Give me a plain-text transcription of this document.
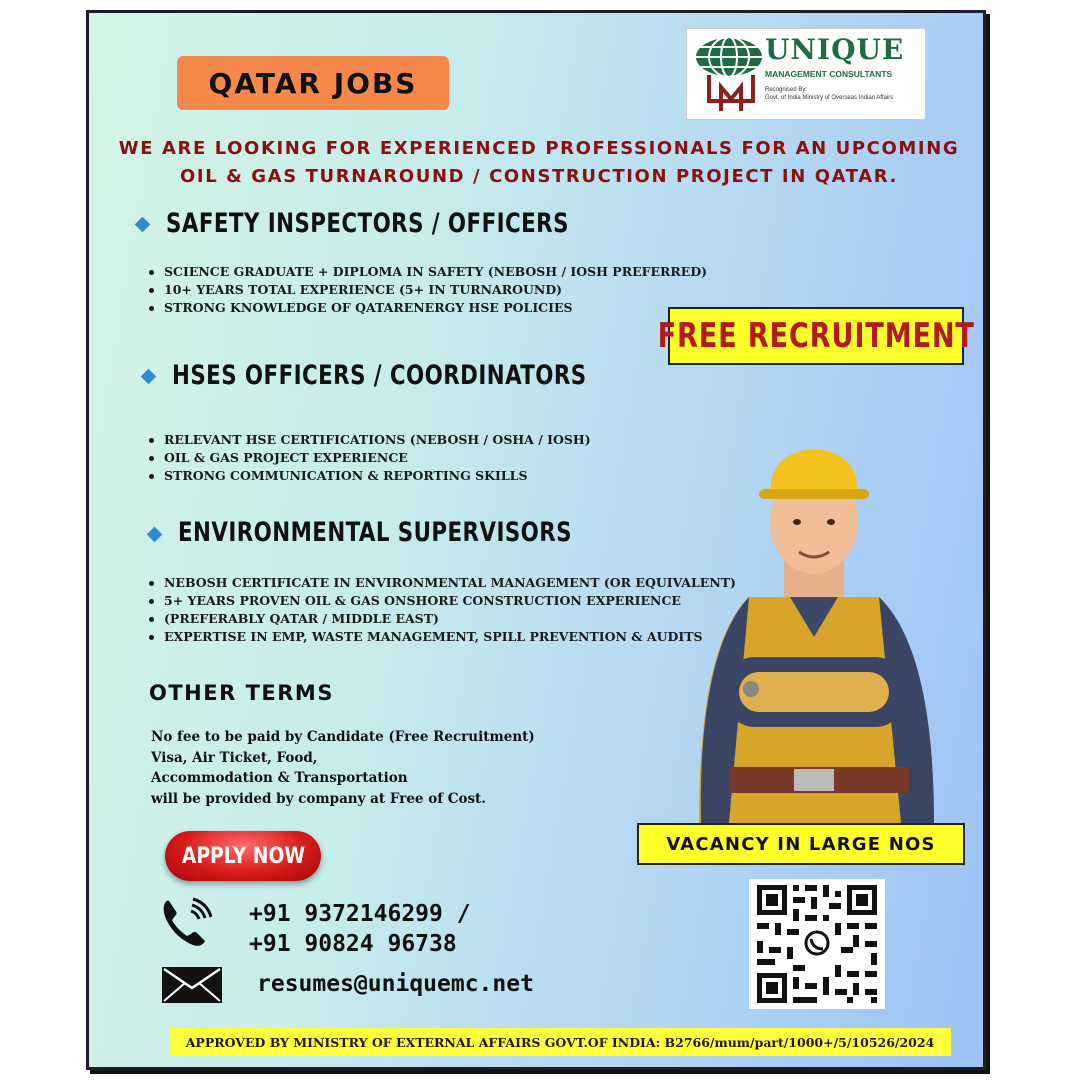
QATAR JOBS
UNIQUE
MANAGEMENT CONSULTANTS
Recognised By:
Govt. of India Ministry of Overseas Indian Affairs
WE ARE LOOKING FOR EXPERIENCED PROFESSIONALS FOR AN UPCOMING
OIL & GAS TURNAROUND / CONSTRUCTION PROJECT IN QATAR.
SAFETY INSPECTORS / OFFICERS
SCIENCE GRADUATE + DIPLOMA IN SAFETY (NEBOSH / IOSH PREFERRED)
10+ YEARS TOTAL EXPERIENCE (5+ IN TURNAROUND)
STRONG KNOWLEDGE OF QATARENERGY HSE POLICIES
HSES OFFICERS / COORDINATORS
RELEVANT HSE CERTIFICATIONS (NEBOSH / OSHA / IOSH)
OIL & GAS PROJECT EXPERIENCE
STRONG COMMUNICATION & REPORTING SKILLS
ENVIRONMENTAL SUPERVISORS
NEBOSH CERTIFICATE IN ENVIRONMENTAL MANAGEMENT (OR EQUIVALENT)
5+ YEARS PROVEN OIL & GAS ONSHORE CONSTRUCTION EXPERIENCE
(PREFERABLY QATAR / MIDDLE EAST)
EXPERTISE IN EMP, WASTE MANAGEMENT, SPILL PREVENTION & AUDITS
FREE RECRUITMENT
OTHER TERMS
No fee to be paid by Candidate (Free Recruitment)
Visa, Air Ticket, Food,
Accommodation & Transportation
will be provided by company at Free of Cost.
APPLY NOW
+91 9372146299 /
+91 90824 96738
resumes@uniquemc.net
VACANCY IN LARGE NOS
APPROVED BY MINISTRY OF EXTERNAL AFFAIRS GOVT.OF INDIA: B2766/mum/part/1000+/5/10526/2024
